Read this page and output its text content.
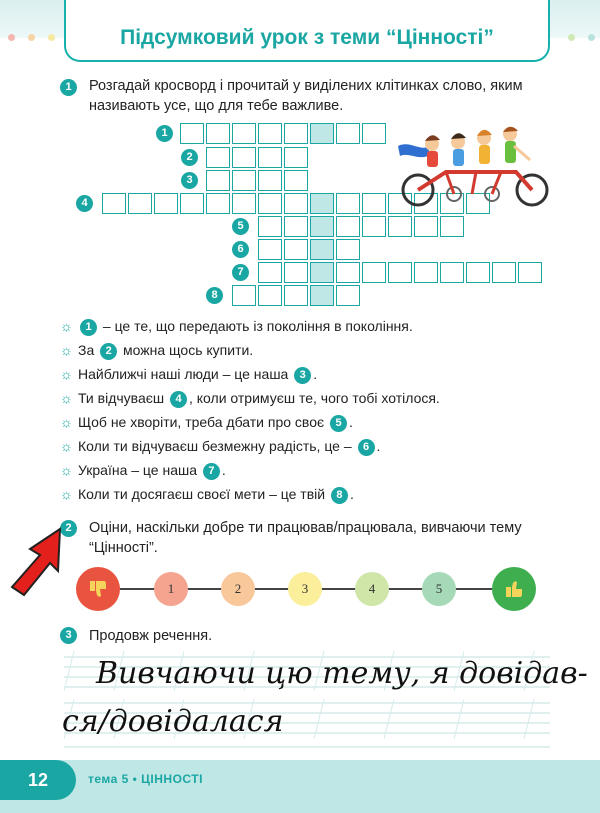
Підсумковий урок з теми “Цінності”
1	Розгадай кросворд і прочитай у виділених клітинках слово, яким
називають усе, що для тебе важливе.
1
2
3
4
5
6
7
8
☼ 1 – це те, що передають із покоління в покоління.
☼ За 2 можна щось купити.
☼ Найближчі наші люди – це наша 3 .
☼ Ти відчуваєш 4 , коли отримуєш те, чого тобі хотілося.
☼ Щоб не хворіти, треба дбати про своє 5 .
☼ Коли ти відчуваєш безмежну радість, це – 6 .
☼ Україна – це наша 7 .
☼ Коли ти досягаєш своєї мети – це твій 8 .
2	Оціни, наскільки добре ти працював/працювала, вивчаючи тему
“Цінності”.
1	2	3	4	5
3	Продовж речення.
Вивчаючи цю тему, я довідав-
ся/довідалася
12	тема 5 • ЦІННОСТІ
